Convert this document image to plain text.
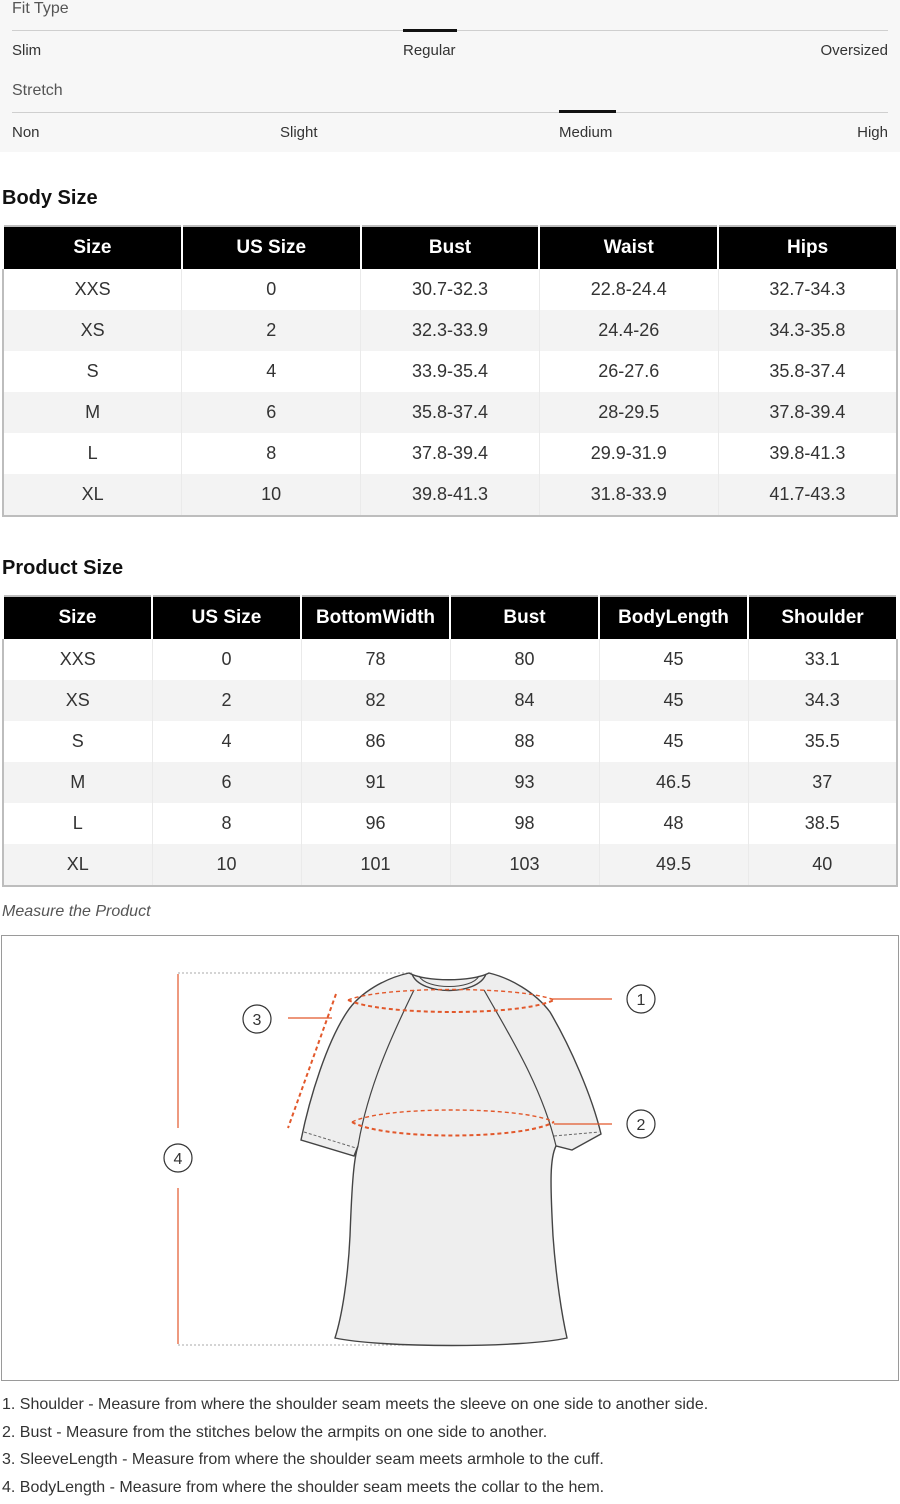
Fit Type
Slim	Regular	Oversized
Stretch
Non	Slight	Medium	High
Body Size
Size	US Size	Bust	Waist	Hips
XXS	0	30.7-32.3	22.8-24.4	32.7-34.3
XS	2	32.3-33.9	24.4-26	34.3-35.8
S	4	33.9-35.4	26-27.6	35.8-37.4
M	6	35.8-37.4	28-29.5	37.8-39.4
L	8	37.8-39.4	29.9-31.9	39.8-41.3
XL	10	39.8-41.3	31.8-33.9	41.7-43.3
Product Size
Size	US Size	BottomWidth	Bust	BodyLength	Shoulder
XXS	0	78	80	45	33.1
XS	2	82	84	45	34.3
S	4	86	88	45	35.5
M	6	91	93	46.5	37
L	8	96	98	48	38.5
XL	10	101	103	49.5	40
Measure the Product
1
2
3
4
1. Shoulder - Measure from where the shoulder seam meets the sleeve on one side to another side.
2. Bust - Measure from the stitches below the armpits on one side to another.
3. SleeveLength - Measure from where the shoulder seam meets armhole to the cuff.
4. BodyLength - Measure from where the shoulder seam meets the collar to the hem.
